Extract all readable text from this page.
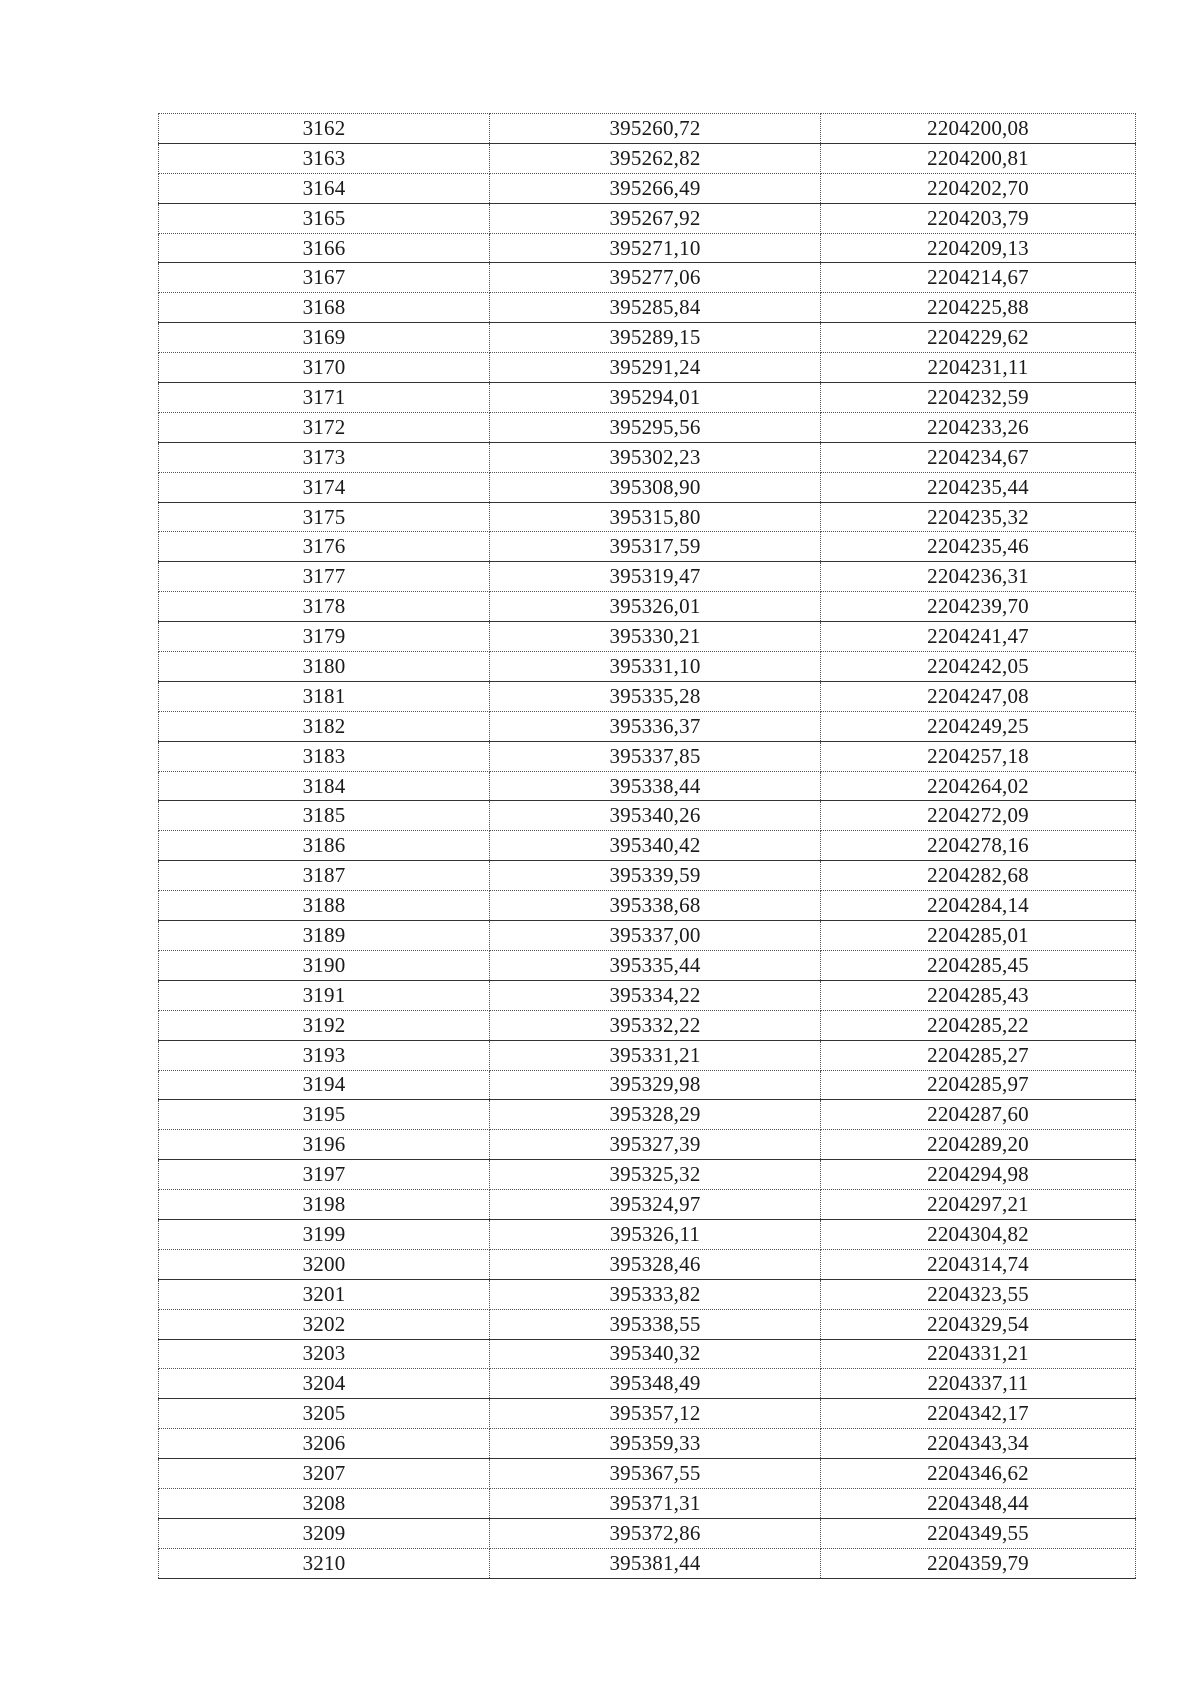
3162	395260,72	2204200,08
3163	395262,82	2204200,81
3164	395266,49	2204202,70
3165	395267,92	2204203,79
3166	395271,10	2204209,13
3167	395277,06	2204214,67
3168	395285,84	2204225,88
3169	395289,15	2204229,62
3170	395291,24	2204231,11
3171	395294,01	2204232,59
3172	395295,56	2204233,26
3173	395302,23	2204234,67
3174	395308,90	2204235,44
3175	395315,80	2204235,32
3176	395317,59	2204235,46
3177	395319,47	2204236,31
3178	395326,01	2204239,70
3179	395330,21	2204241,47
3180	395331,10	2204242,05
3181	395335,28	2204247,08
3182	395336,37	2204249,25
3183	395337,85	2204257,18
3184	395338,44	2204264,02
3185	395340,26	2204272,09
3186	395340,42	2204278,16
3187	395339,59	2204282,68
3188	395338,68	2204284,14
3189	395337,00	2204285,01
3190	395335,44	2204285,45
3191	395334,22	2204285,43
3192	395332,22	2204285,22
3193	395331,21	2204285,27
3194	395329,98	2204285,97
3195	395328,29	2204287,60
3196	395327,39	2204289,20
3197	395325,32	2204294,98
3198	395324,97	2204297,21
3199	395326,11	2204304,82
3200	395328,46	2204314,74
3201	395333,82	2204323,55
3202	395338,55	2204329,54
3203	395340,32	2204331,21
3204	395348,49	2204337,11
3205	395357,12	2204342,17
3206	395359,33	2204343,34
3207	395367,55	2204346,62
3208	395371,31	2204348,44
3209	395372,86	2204349,55
3210	395381,44	2204359,79
